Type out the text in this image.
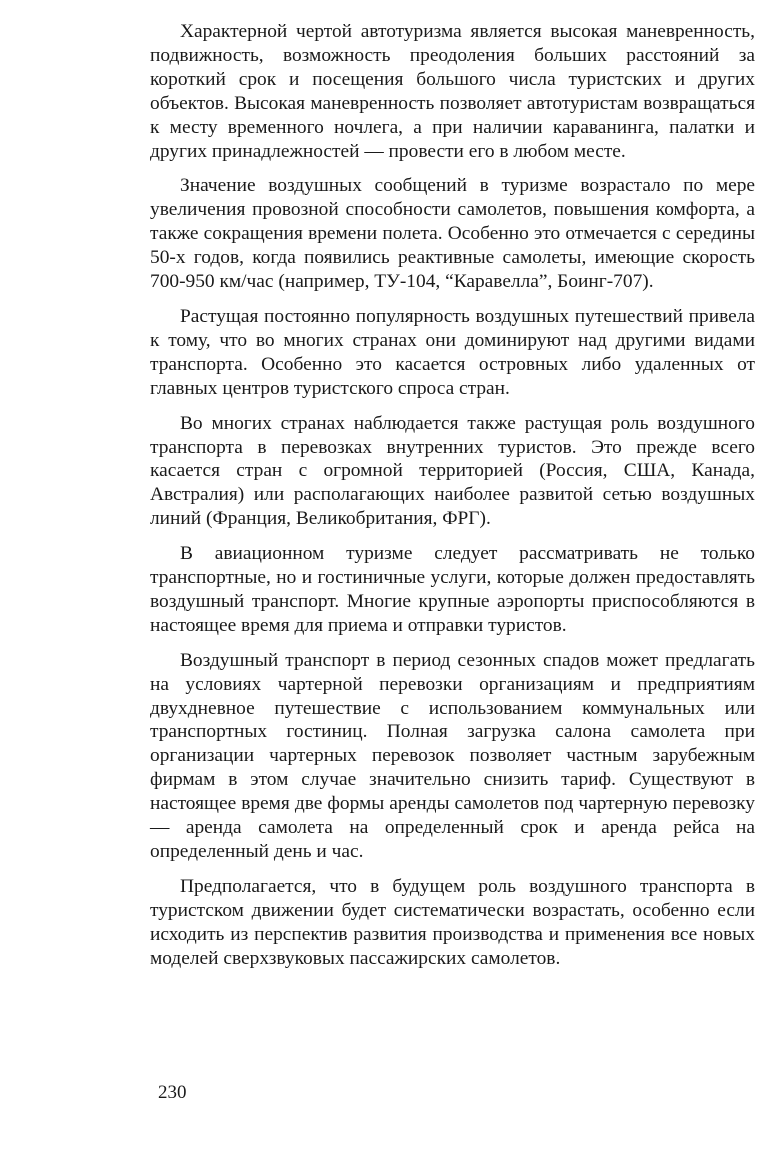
Характерной чертой автотуризма является высокая маневренность, подвижность, возможность преодоления больших расстояний за короткий срок и посещения большого числа туристских и других объектов. Высокая маневренность позволяет автотуристам возвращаться к месту временного ночлега, а при наличии караванинга, палатки и других принадлежностей — провести его в любом месте.

Значение воздушных сообщений в туризме возрастало по мере увеличения провозной способности самолетов, повышения комфорта, а также сокращения времени полета. Особенно это отмечается с середины 50-х годов, когда появились реактивные самолеты, имеющие скорость 700-950 км/час (например, ТУ-104, “Каравелла”, Боинг-707).

Растущая постоянно популярность воздушных путешествий привела к тому, что во многих странах они доминируют над другими видами транспорта. Особенно это касается островных либо удаленных от главных центров туристского спроса стран.

Во многих странах наблюдается также растущая роль воздушного транспорта в перевозках внутренних туристов. Это прежде всего касается стран с огромной территорией (Россия, США, Канада, Австралия) или располагающих наиболее развитой сетью воздушных линий (Франция, Великобритания, ФРГ).

В авиационном туризме следует рассматривать не только транспортные, но и гостиничные услуги, которые должен предоставлять воздушный транспорт. Многие крупные аэропорты приспособляются в настоящее время для приема и отправки туристов.

Воздушный транспорт в период сезонных спадов может предлагать на условиях чартерной перевозки организациям и предприятиям двухдневное путешествие с использованием коммунальных или транспортных гостиниц. Полная загрузка салона самолета при организации чартерных перевозок позволяет частным зарубежным фирмам в этом случае значительно снизить тариф. Существуют в настоящее время две формы аренды самолетов под чартерную перевозку — аренда самолета на определенный срок и аренда рейса на определенный день и час.

Предполагается, что в будущем роль воздушного транспорта в туристском движении будет систематически возрастать, особенно если исходить из перспектив развития производства и применения все новых моделей сверхзвуковых пассажирских самолетов.

230
